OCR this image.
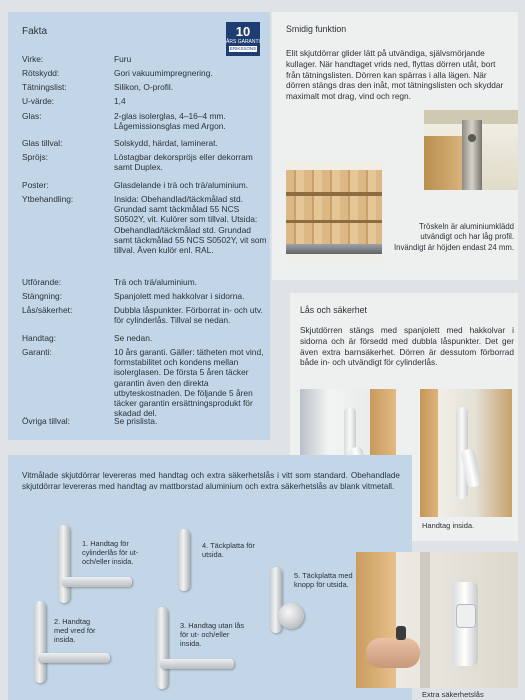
Fakta	10
ÅRS GARANTI
ERIKSSONS
Virke:	Furu
Rötskydd:	Gori vakuumimpregnering.
Tätningslist:	Silikon, O-profil.
U-värde:	1,4
Glas:	2-glas isolerglas, 4–16–4 mm. Lågemissionsglas med Argon.
Glas tillval:	Solskydd, härdat, laminerat.
Spröjs:	Löstagbar dekorspröjs eller dekorram samt Duplex.
Poster:	Glasdelande i trä och trä/aluminium.
Ytbehandling:	Insida: Obehandlad/täckmålad std. Grundad samt täckmålad 55 NCS S0502Y, vit. Kulörer som tillval. Utsida: Obehandlad/täckmålad std. Grundad samt täckmålad 55 NCS S0502Y, vit som tillval. Även kulör enl. RAL.
Utförande:	Trä och trä/aluminium.
Stängning:	Spanjolett med hakkolvar i sidorna.
Lås/säkerhet:	Dubbla låspunkter. Förborrat in- och utv. för cylinderlås. Tillval se nedan.
Handtag:	Se nedan.
Garanti:	10 års garanti. Gäller: tätheten mot vind, formstabilitet och kondens mellan isolerglasen. De första 5 åren täcker garantin även den direkta utbyteskostnaden. De följande 5 åren täcker garantin ersättningsprodukt för skadad del.
Övriga tillval:	Se prislista.
Smidig funktion
Elit skjutdörrar glider lätt på utvändiga, självsmörjande kullager. När handtaget vrids ned, flyttas dörren utåt, bort från tätningslisten. Dörren kan spärras i alla lägen. När dörren stängs dras den inåt, mot tätningslisten och skyddar maximalt mot drag, vind och regn.
Tröskeln är aluminiumklädd utvändigt och har låg profil. Invändigt är höjden endast 24 mm.
Lås och säkerhet
Skjutdörren stängs med spanjolett med hakkolvar i sidorna och är försedd med dubbla låspunkter. Det ger även extra barnsäkerhet. Dörren är dessutom förborrad både in- och utvändigt för cylinderlås.
Handtag insida.
Vitmålade skjutdörrar levereras med handtag och extra säkerhetslås i vitt som standard. Obehandlade skjutdörrar levereras med handtag av mattborstad aluminium och extra säkerhetslås av blank vitmetall.
1. Handtag för cylinderlås för ut- och/eller insida.
4. Täckplatta för utsida.
5. Täckplatta med knopp för utsida.
2. Handtag med vred för insida.
3. Handtag utan lås för ut- och/eller insida.
Extra säkerhetslås
